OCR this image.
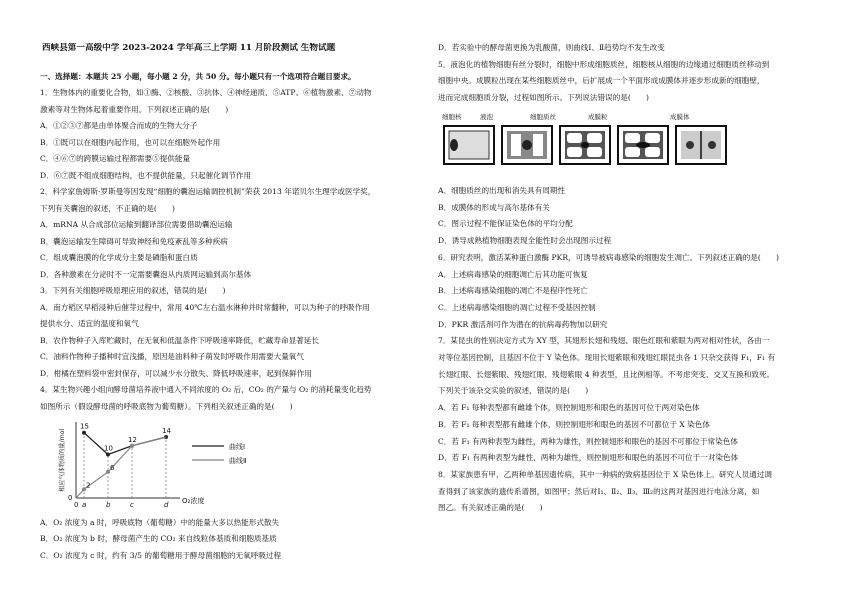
西峡县第一高级中学 2023-2024 学年高三上学期 11 月阶段测试 生物试题
一、选择题：本题共 25 小题，每小题 2 分，共 50 分。每小题只有一个选项符合题目要求。
1．生物体内的重要化合物，如①酶、②核酸、③抗体、④神经递质、⑤ATP、⑥植物激素、⑦动物
激素等对生物体起着重要作用。下列叙述正确的是(　　)
A．①②③⑦都是由单体聚合而成的生物大分子
B．①既可以在细胞内起作用，也可以在细胞外起作用
C．④⑥⑦的跨膜运输过程都需要⑤提供能量
D．⑥⑦既不组成细胞结构，也不提供能量，只起催化调节作用
2．科学家詹姆斯·罗斯曼等因发现“细胞的囊泡运输调控机制”荣获 2013 年诺贝尔生理学或医学奖，
下列有关囊泡的叙述，不正确的是(　　)
A．mRNA 从合成部位运输到翻译部位需要借助囊泡运输
B．囊泡运输发生障碍可导致神经和免疫紊乱等多种疾病
C．组成囊泡膜的化学成分主要是磷脂和蛋白质
D．各种激素在分泌时不一定需要囊泡从内质网运输到高尔基体
3．下列有关细胞呼吸原理应用的叙述，错误的是(　　)
A．南方稻区早稻浸种后催芽过程中，常用 40℃左右温水淋种并时常翻种，可以为种子的呼吸作用
提供水分、适宜的温度和氧气
B．农作物种子入库贮藏时，在无氧和低温条件下呼吸速率降低，贮藏寿命显著延长
C．油料作物种子播种时宜浅播，原因是油料种子萌发时呼吸作用需要大量氧气
D．柑橘在塑料袋中密封保存，可以减少水分散失、降低呼吸速率，起到保鲜作用
4．某生物兴趣小组向酵母菌培养液中通入不同浓度的 O₂ 后，CO₂ 的产量与 O₂ 的消耗量变化趋势
如图所示（假设酵母菌的呼吸底物为葡萄糖）。下列相关叙述正确的是(　　)
相应气体物质的量/mol
O₂浓度
0 a	b	c	d
15
10
12
14
2
6
0
曲线Ⅰ
曲线Ⅱ
A．O₂ 浓度为 a 时，呼吸底物（葡萄糖）中的能量大多以热能形式散失
B．O₂ 浓度为 b 时，酵母菌产生的 CO₂ 来自线粒体基质和细胞质基质
C．O₂ 浓度为 c 时，约有 3/5 的葡萄糖用于酵母菌细胞的无氧呼吸过程
D．若实验中的酵母菌更换为乳酸菌，则曲线Ⅰ、Ⅱ趋势均不发生改变
5．液泡化的植物细胞有丝分裂时，细胞中形成细胞质丝，细胞核从细胞的边缘通过细胞质丝移动到
细胞中央。成膜粒出现在某些细胞质丝中，后扩展成一个平面形成成膜体并逐步形成新的细胞壁，
进而完成细胞质分裂，过程如图所示。下列说法错误的是(　　)
细胞核	液泡	细胞质丝	成膜粒	成膜体
A．细胞质丝的出现和消失具有周期性
B．成膜体的形成与高尔基体有关
C．图示过程不能保证染色体的平均分配
D．诱导成熟植物细胞表现全能性时会出现图示过程
6．研究表明，激活某种蛋白激酶 PKR，可诱导被病毒感染的细胞发生凋亡。下列叙述正确的是(　　)
A．上述病毒感染的细胞凋亡后其功能可恢复
B．上述病毒感染细胞的凋亡不是程序性死亡
C．上述病毒感染细胞的凋亡过程不受基因控制
D．PKR 激活剂可作为潜在的抗病毒药物加以研究
7．某昆虫的性别决定方式为 XY 型，其翅形长翅和残翅、眼色红眼和紫眼为两对相对性状，各由一
对等位基因控制，且基因不位于 Y 染色体。现用长翅紫眼和残翅红眼昆虫各 1 只杂交获得 F₁，F₁ 有
长翅红眼、长翅紫眼、残翅红眼、残翅紫眼 4 种表型，且比例相等。不考虑突变、交叉互换和致死。
下列关于该杂交实验的叙述，错误的是(　　)
A．若 F₁ 每种表型都有雌雄个体，则控制翅形和眼色的基因可位于两对染色体
B．若 F₁ 每种表型都有雌雄个体，则控制翅形和眼色的基因不可都位于 X 染色体
C．若 F₁ 有两种表型为雌性，两种为雄性，则控制翅形和眼色的基因不可都位于常染色体
D．若 F₁ 有两种表型为雌性，两种为雄性，则控制翅形和眼色的基因不可位于一对染色体
8．某家族患有甲、乙两种单基因遗传病，其中一种病的致病基因位于 X 染色体上。研究人员通过调
查得到了该家族的遗传系谱图，如图甲；然后对Ⅰ₁、Ⅱ₂、Ⅱ₃、Ⅲ₂的这两对基因进行电泳分离，如
图乙。有关叙述正确的是(　　)
